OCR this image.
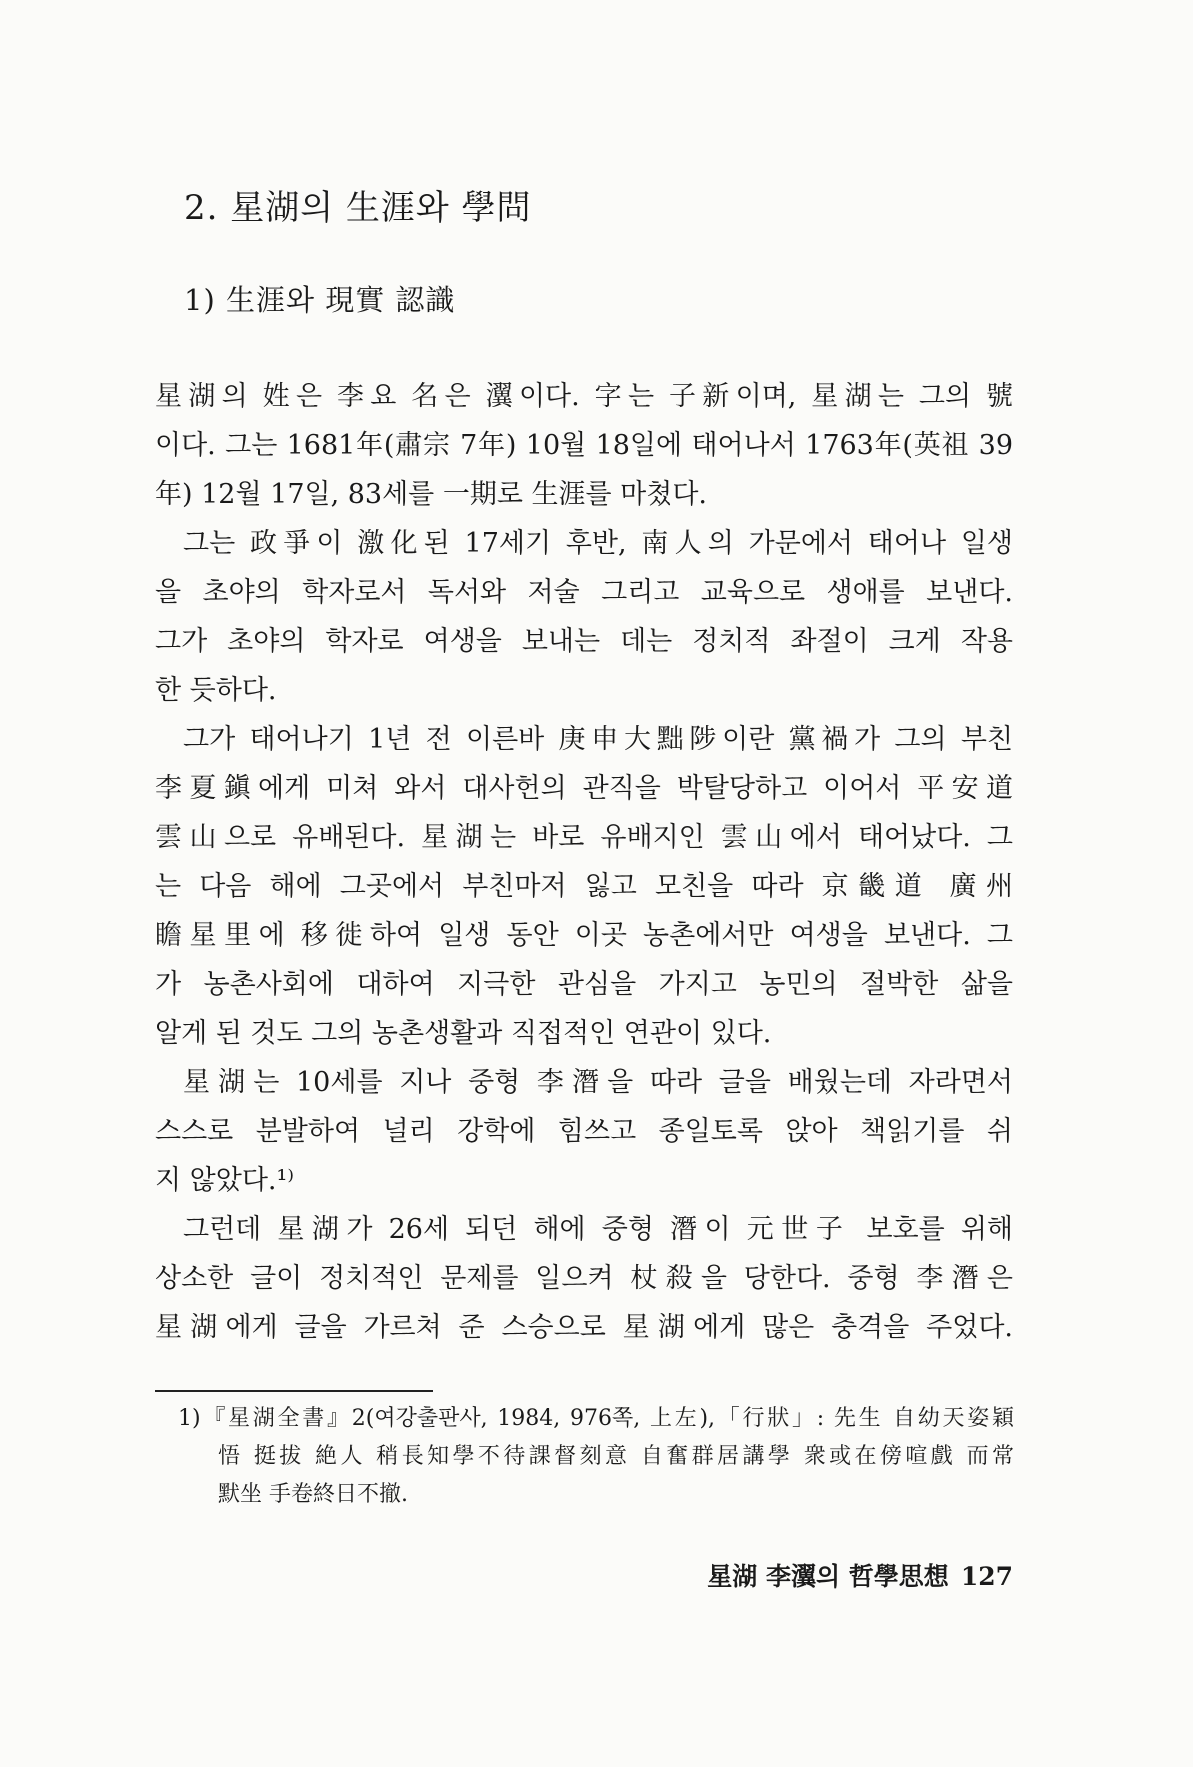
2. 星湖의 生涯와 學問
1) 生涯와 現實 認識
星湖의 姓은 李요 名은 瀷이다. 字는 子新이며, 星湖는 그의 號
이다. 그는 1681年(肅宗 7年) 10월 18일에 태어나서 1763年(英祖 39
年) 12월 17일, 83세를 一期로 生涯를 마쳤다.
그는 政爭이 激化된 17세기 후반, 南人의 가문에서 태어나 일생
을 초야의 학자로서 독서와 저술 그리고 교육으로 생애를 보낸다.
그가 초야의 학자로 여생을 보내는 데는 정치적 좌절이 크게 작용
한 듯하다.
그가 태어나기 1년 전 이른바 庚申大黜陟이란 黨禍가 그의 부친
李夏鎭에게 미쳐 와서 대사헌의 관직을 박탈당하고 이어서 平安道
雲山으로 유배된다. 星湖는 바로 유배지인 雲山에서 태어났다. 그
는 다음 해에 그곳에서 부친마저 잃고 모친을 따라 京畿道 廣州
瞻星里에 移徙하여 일생 동안 이곳 농촌에서만 여생을 보낸다. 그
가 농촌사회에 대하여 지극한 관심을 가지고 농민의 절박한 삶을
알게 된 것도 그의 농촌생활과 직접적인 연관이 있다.
星湖는 10세를 지나 중형 李潛을 따라 글을 배웠는데 자라면서
스스로 분발하여 널리 강학에 힘쓰고 종일토록 앉아 책읽기를 쉬
지 않았다.¹⁾
그런데 星湖가 26세 되던 해에 중형 潛이 元世子 보호를 위해
상소한 글이 정치적인 문제를 일으켜 杖殺을 당한다. 중형 李潛은
星湖에게 글을 가르쳐 준 스승으로 星湖에게 많은 충격을 주었다.
1)『星湖全書』2(여강출판사, 1984, 976쪽, 上左),「行狀」: 先生 自幼天姿穎
悟 挺拔 絶人 稍長知學不待課督刻意 自奮群居講學 衆或在傍喧戲 而常
默坐 手卷終日不撤.
星湖 李瀷의 哲學思想 127
